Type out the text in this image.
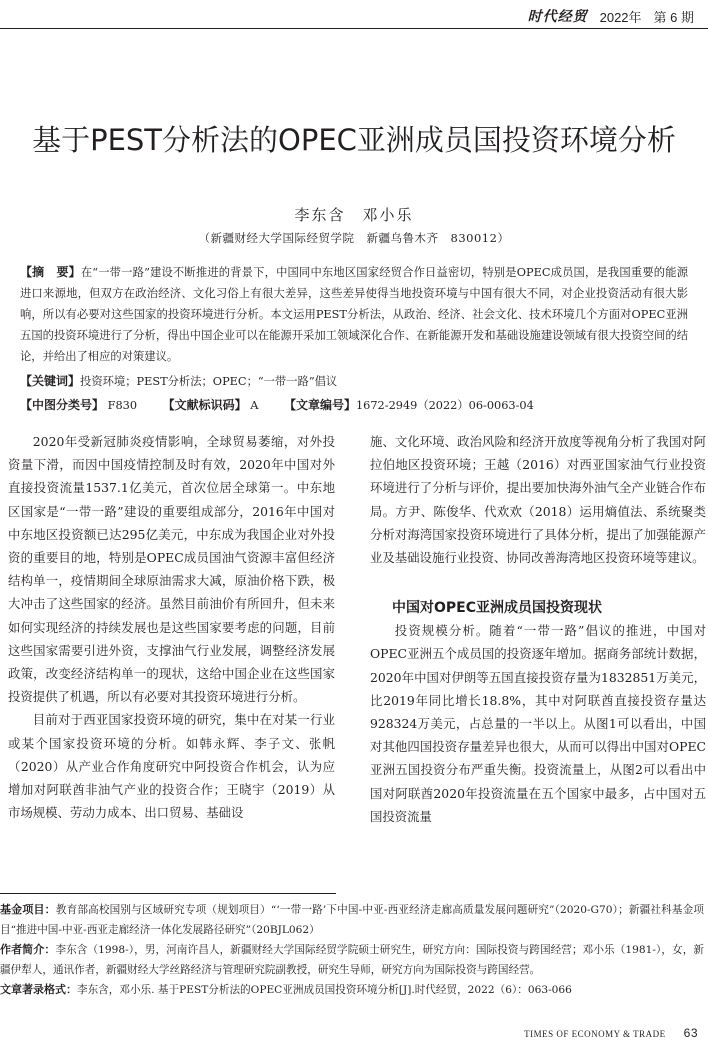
时代经贸 2022年 第 6 期
基于PEST分析法的OPEC亚洲成员国投资环境分析
李东含　邓小乐
（新疆财经大学国际经贸学院　新疆乌鲁木齐　830012）

【摘　要】在“一带一路”建设不断推进的背景下，中国同中东地区国家经贸合作日益密切，特别是OPEC成员国，是我国重要的能源进口来源地，但双方在政治经济、文化习俗上有很大差异，这些差异使得当地投资环境与中国有很大不同，对企业投资活动有很大影响，所以有必要对这些国家的投资环境进行分析。本文运用PEST分析法，从政治、经济、社会文化、技术环境几个方面对OPEC亚洲五国的投资环境进行了分析，得出中国企业可以在能源开采加工领域深化合作、在新能源开发和基础设施建设领域有很大投资空间的结论，并给出了相应的对策建议。

【关键词】投资环境；PEST分析法；OPEC；“一带一路”倡议
【中图分类号】 F830 【文献标识码】 A 【文章编号】1672-2949（2022）06-0063-04

2020年受新冠肺炎疫情影响，全球贸易萎缩，对外投资量下滑，而因中国疫情控制及时有效，2020年中国对外直接投资流量1537.1亿美元，首次位居全球第一。中东地区国家是“一带一路”建设的重要组成部分，2016年中国对中东地区投资额已达295亿美元，中东成为我国企业对外投资的重要目的地，特别是OPEC成员国油气资源丰富但经济结构单一，疫情期间全球原油需求大减，原油价格下跌，极大冲击了这些国家的经济。虽然目前油价有所回升，但未来如何实现经济的持续发展也是这些国家要考虑的问题，目前这些国家需要引进外资，支撑油气行业发展，调整经济发展政策，改变经济结构单一的现状，这给中国企业在这些国家投资提供了机遇，所以有必要对其投资环境进行分析。

目前对于西亚国家投资环境的研究，集中在对某一行业或某个国家投资环境的分析。如韩永辉、李子文、张帆（2020）从产业合作角度研究中阿投资合作机会，认为应增加对阿联酋非油气产业的投资合作；王晓宇（2019）从市场规模、劳动力成本、出口贸易、基础设

施、文化环境、政治风险和经济开放度等视角分析了我国对阿拉伯地区投资环境；王越（2016）对西亚国家油气行业投资环境进行了分析与评价，提出要加快海外油气全产业链合作布局。方尹、陈俊华、代欢欢（2018）运用熵值法、系统聚类分析对海湾国家投资环境进行了具体分析，提出了加强能源产业及基础设施行业投资、协同改善海湾地区投资环境等建议。

中国对OPEC亚洲成员国投资现状

投资规模分析。随着“一带一路”倡议的推进，中国对OPEC亚洲五个成员国的投资逐年增加。据商务部统计数据，2020年中国对伊朗等五国直接投资存量为1832851万美元，比2019年同比增长18.8%，其中对阿联酋直接投资存量达928324万美元，占总量的一半以上。从图1可以看出，中国对其他四国投资存量差异也很大，从而可以得出中国对OPEC亚洲五国投资分布严重失衡。投资流量上，从图2可以看出中国对阿联酋2020年投资流量在五个国家中最多，占中国对五国投资流量

基金项目：教育部高校国别与区域研究专项（规划项目）“‘一带一路’下中国-中亚-西亚经济走廊高质量发展问题研究”（2020-G70）；新疆社科基金项目“推进中国-中亚-西亚走廊经济一体化发展路径研究”（20BJL062）

作者简介：李东含（1998-），男，河南许昌人，新疆财经大学国际经贸学院硕士研究生，研究方向：国际投资与跨国经营；邓小乐（1981-），女，新疆伊犁人，通讯作者，新疆财经大学丝路经济与管理研究院副教授，研究生导师，研究方向为国际投资与跨国经营。

文章著录格式：李东含，邓小乐. 基于PEST分析法的OPEC亚洲成员国投资环境分析[J].时代经贸，2022（6）：063-066

TIMES OF ECONOMY & TRADE 63
